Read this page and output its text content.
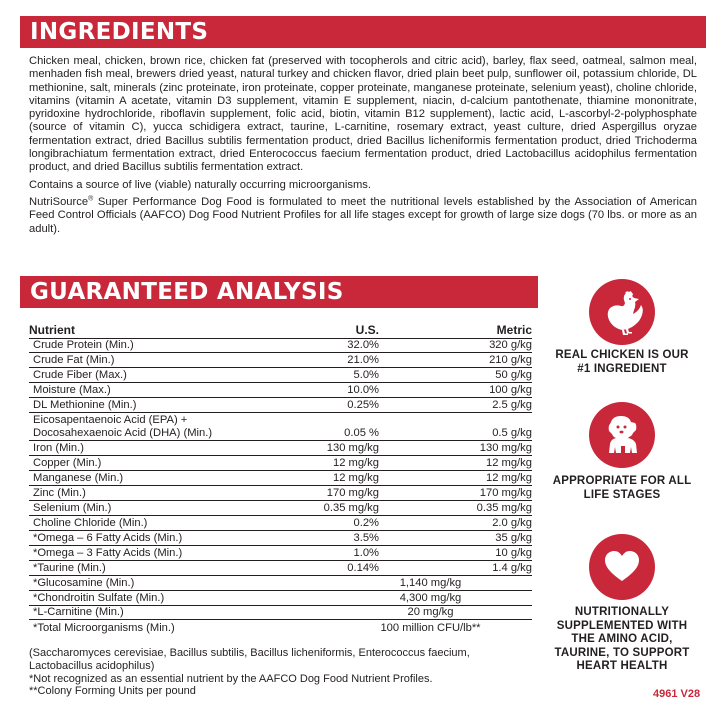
INGREDIENTS

Chicken meal, chicken, brown rice, chicken fat (preserved with tocopherols and citric acid), barley, flax seed, oatmeal, salmon meal, menhaden fish meal, brewers dried yeast, natural turkey and chicken flavor, dried plain beet pulp, sunflower oil, potassium chloride, DL methionine, salt, minerals (zinc proteinate, iron proteinate, copper proteinate, manganese proteinate, selenium yeast), choline chloride, vitamins (vitamin A acetate, vitamin D3 supplement, vitamin E supplement, niacin, d-calcium pantothenate, thiamine mononitrate, pyridoxine hydrochloride, riboflavin supplement, folic acid, biotin, vitamin B12 supplement), lactic acid, L-ascorbyl-2-polyphosphate (source of vitamin C), yucca schidigera extract, taurine, L-carnitine, rosemary extract, yeast culture, dried Aspergillus oryzae fermentation extract, dried Bacillus subtilis fermentation product, dried Bacillus licheniformis fermentation product, dried Trichoderma longibrachiatum fermentation extract, dried Enterococcus faecium fermentation product, dried Lactobacillus acidophilus fermentation product, and dried Bacillus subtilis fermentation extract.

Contains a source of live (viable) naturally occurring microorganisms.

NutriSource® Super Performance Dog Food is formulated to meet the nutritional levels established by the Association of American Feed Control Officials (AAFCO) Dog Food Nutrient Profiles for all life stages except for growth of large size dogs (70 lbs. or more as an adult).

GUARANTEED ANALYSIS
Nutrient	U.S.	Metric
Crude Protein (Min.)	32.0%	320 g/kg
Crude Fat (Min.)	21.0%	210 g/kg
Crude Fiber (Max.)	5.0%	50 g/kg
Moisture (Max.)	10.0%	100 g/kg
DL Methionine (Min.)	0.25%	2.5 g/kg
Eicosapentaenoic Acid (EPA) + Docosahexaenoic Acid (DHA) (Min.)	0.05 %	0.5 g/kg
Iron (Min.)	130 mg/kg	130 mg/kg
Copper (Min.)	12 mg/kg	12 mg/kg
Manganese (Min.)	12 mg/kg	12 mg/kg
Zinc (Min.)	170 mg/kg	170 mg/kg
Selenium (Min.)	0.35 mg/kg	0.35 mg/kg
Choline Chloride (Min.)	0.2%	2.0 g/kg
*Omega – 6 Fatty Acids (Min.)	3.5%	35 g/kg
*Omega – 3 Fatty Acids (Min.)	1.0%	10 g/kg
*Taurine (Min.)	0.14%	1.4 g/kg
*Glucosamine (Min.)	1,140 mg/kg	
*Chondroitin Sulfate (Min.)	4,300 mg/kg	
*L-Carnitine (Min.)	20 mg/kg	
*Total Microorganisms (Min.)	100 million CFU/lb**	
(Saccharomyces cerevisiae, Bacillus subtilis, Bacillus licheniformis, Enterococcus faecium, Lactobacillus acidophilus)
*Not recognized as an essential nutrient by the AAFCO Dog Food Nutrient Profiles.
**Colony Forming Units per pound
REAL CHICKEN IS OUR #1 INGREDIENT
APPROPRIATE FOR ALL LIFE STAGES
NUTRITIONALLY SUPPLEMENTED WITH THE AMINO ACID, TAURINE, TO SUPPORT HEART HEALTH
4961 V28
